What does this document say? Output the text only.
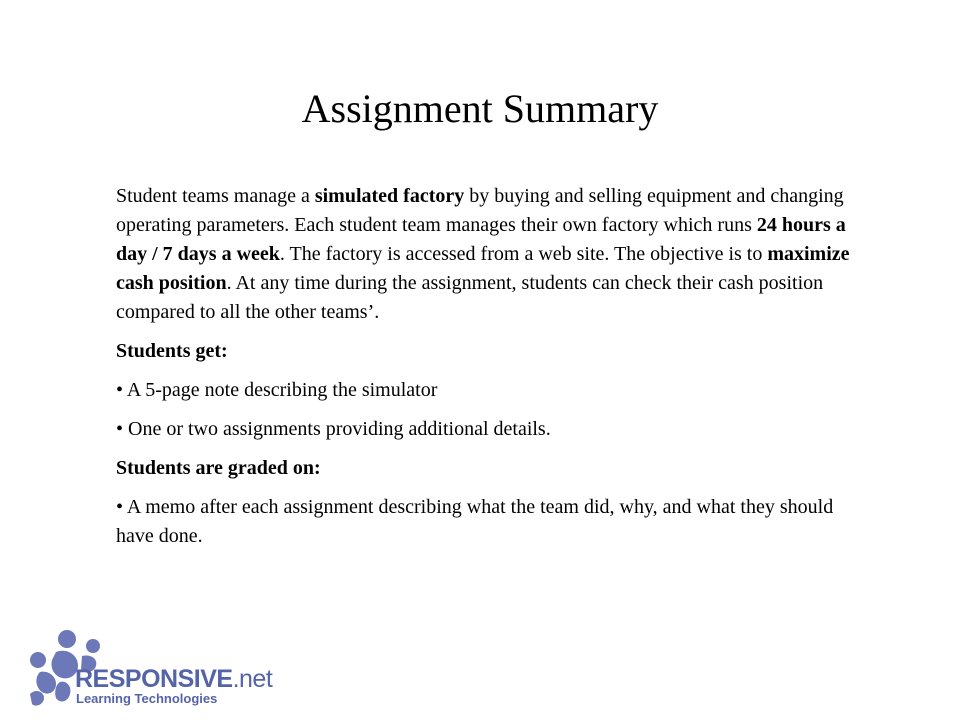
Assignment Summary

Student teams manage a simulated factory by buying and selling equipment and changing operating parameters. Each student team manages their own factory which runs 24 hours a day / 7 days a week. The factory is accessed from a web site. The objective is to maximize cash position. At any time during the assignment, students can check their cash position compared to all the other teams’.

Students get:

• A 5-page note describing the simulator

• One or two assignments providing additional details.

Students are graded on:

• A memo after each assignment describing what the team did, why, and what they should have done.

RESPONSIVE.net
Learning Technologies
